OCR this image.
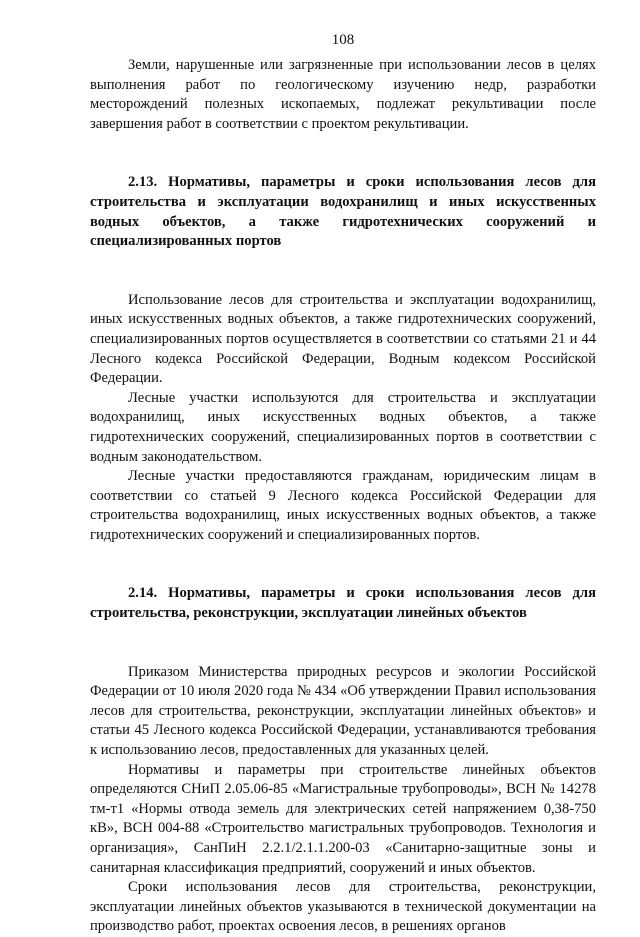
108

Земли, нарушенные или загрязненные при использовании лесов в целях выполнения работ по геологическому изучению недр, разработки месторождений полезных ископаемых, подлежат рекультивации после завершения работ в соответствии с проектом рекультивации.

2.13. Нормативы, параметры и сроки использования лесов для строительства и эксплуатации водохранилищ и иных искусственных водных объектов, а также гидротехнических сооружений и специализированных портов

Использование лесов для строительства и эксплуатации водохранилищ, иных искусственных водных объектов, а также гидротехнических сооружений, специализированных портов осуществляется в соответствии со статьями 21 и 44 Лесного кодекса Российской Федерации, Водным кодексом Российской Федерации.

Лесные участки используются для строительства и эксплуатации водохранилищ, иных искусственных водных объектов, а также гидротехнических сооружений, специализированных портов в соответствии с водным законодательством.

Лесные участки предоставляются гражданам, юридическим лицам в соответствии со статьей 9 Лесного кодекса Российской Федерации для строительства водохранилищ, иных искусственных водных объектов, а также гидротехнических сооружений и специализированных портов.

2.14. Нормативы, параметры и сроки использования лесов для строительства, реконструкции, эксплуатации линейных объектов

Приказом Министерства природных ресурсов и экологии Российской Федерации от 10 июля 2020 года № 434 «Об утверждении Правил использования лесов для строительства, реконструкции, эксплуатации линейных объектов» и статьи 45 Лесного кодекса Российской Федерации, устанавливаются требования к использованию лесов, предоставленных для указанных целей.

Нормативы и параметры при строительстве линейных объектов определяются СНиП 2.05.06-85 «Магистральные трубопроводы», ВСН № 14278 тм-т1 «Нормы отвода земель для электрических сетей напряжением 0,38-750 кВ», ВСН 004-88 «Строительство магистральных трубопроводов. Технология и организация», СанПиН 2.2.1/2.1.1.200-03 «Санитарно-защитные зоны и санитарная классификация предприятий, сооружений и иных объектов.

Сроки использования лесов для строительства, реконструкции, эксплуатации линейных объектов указываются в технической документации на производство работ, проектах освоения лесов, в решениях органов
